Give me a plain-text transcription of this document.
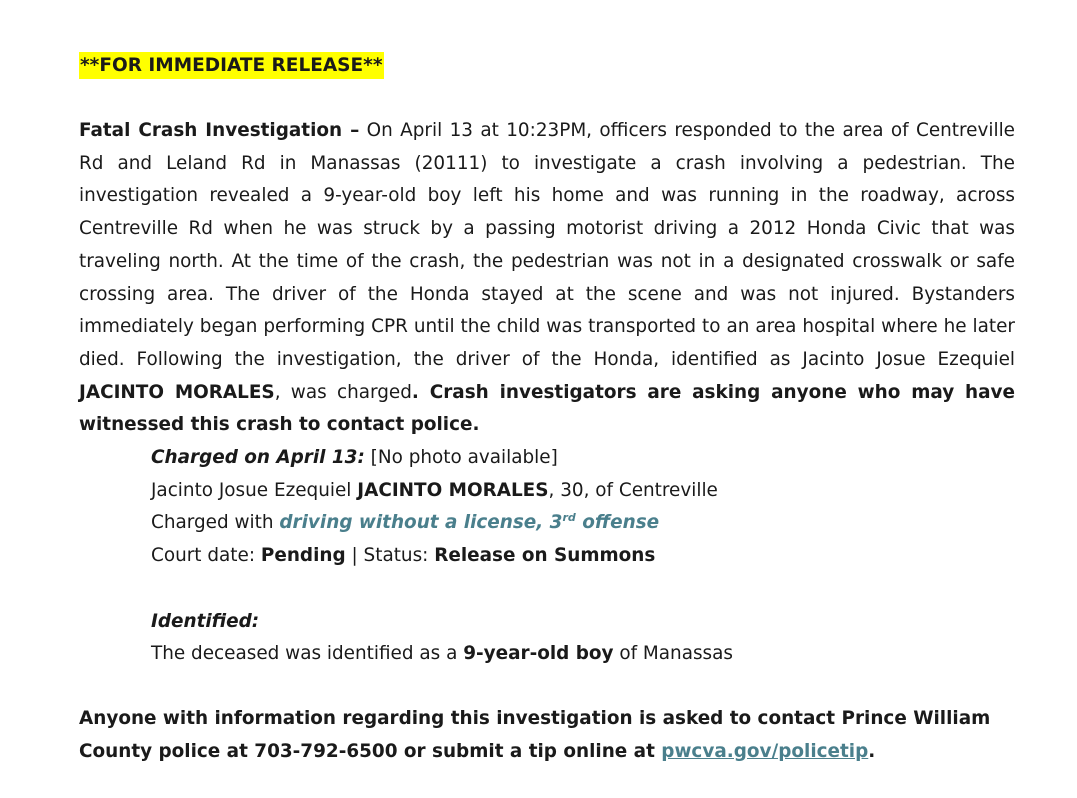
**FOR IMMEDIATE RELEASE**
Fatal Crash Investigation – On April 13 at 10:23PM, officers responded to the area of Centreville Rd and Leland Rd in Manassas (20111) to investigate a crash involving a pedestrian. The investigation revealed a 9-year-old boy left his home and was running in the roadway, across Centreville Rd when he was struck by a passing motorist driving a 2012 Honda Civic that was traveling north. At the time of the crash, the pedestrian was not in a designated crosswalk or safe crossing area. The driver of the Honda stayed at the scene and was not injured. Bystanders immediately began performing CPR until the child was transported to an area hospital where he later died. Following the investigation, the driver of the Honda, identified as Jacinto Josue Ezequiel JACINTO MORALES, was charged. Crash investigators are asking anyone who may have witnessed this crash to contact police.
Charged on April 13: [No photo available]
Jacinto Josue Ezequiel JACINTO MORALES, 30, of Centreville
Charged with driving without a license, 3rd offense
Court date: Pending | Status: Release on Summons
Identified:
The deceased was identified as a 9-year-old boy of Manassas
Anyone with information regarding this investigation is asked to contact Prince William County police at 703-792-6500 or submit a tip online at pwcva.gov/policetip.
